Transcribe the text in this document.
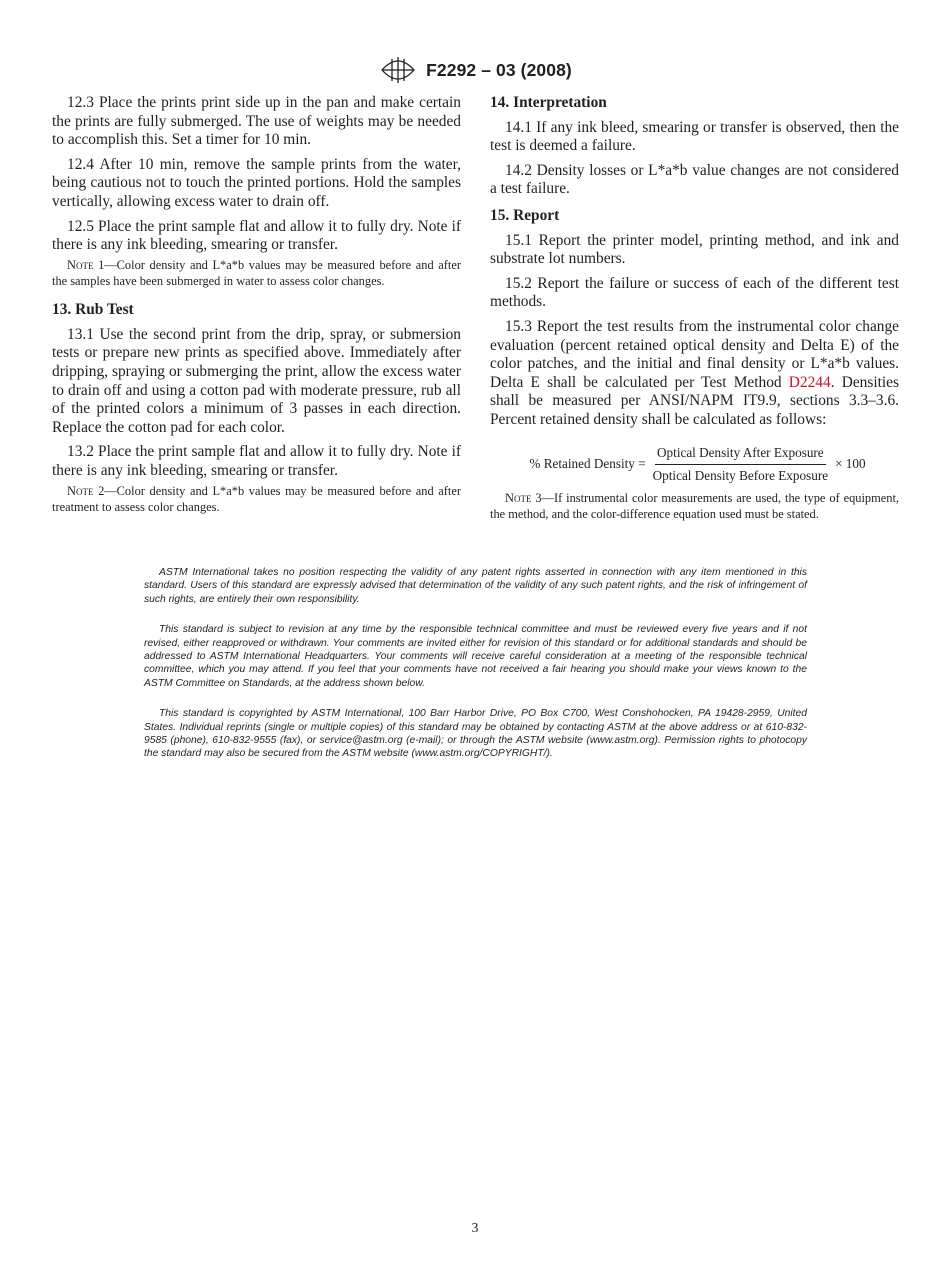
F2292 – 03 (2008)

12.3 Place the prints print side up in the pan and make certain the prints are fully submerged. The use of weights may be needed to accomplish this. Set a timer for 10 min.

12.4 After 10 min, remove the sample prints from the water, being cautious not to touch the printed portions. Hold the samples vertically, allowing excess water to drain off.

12.5 Place the print sample flat and allow it to fully dry. Note if there is any ink bleeding, smearing or transfer.

Note 1—Color density and L*a*b values may be measured before and after the samples have been submerged in water to assess color changes.
13. Rub Test

13.1 Use the second print from the drip, spray, or submersion tests or prepare new prints as specified above. Immediately after dripping, spraying or submerging the print, allow the excess water to drain off and using a cotton pad with moderate pressure, rub all of the printed colors a minimum of 3 passes in each direction. Replace the cotton pad for each color.

13.2 Place the print sample flat and allow it to fully dry. Note if there is any ink bleeding, smearing or transfer.

Note 2—Color density and L*a*b values may be measured before and after treatment to assess color changes.
14. Interpretation

14.1 If any ink bleed, smearing or transfer is observed, then the test is deemed a failure.

14.2 Density losses or L*a*b value changes are not considered a test failure.

15. Report

15.1 Report the printer model, printing method, and ink and substrate lot numbers.

15.2 Report the failure or success of each of the different test methods.

15.3 Report the test results from the instrumental color change evaluation (percent retained optical density and Delta E) of the color patches, and the initial and final density or L*a*b values. Delta E shall be calculated per Test Method D2244. Densities shall be measured per ANSI/NAPM IT9.9, sections 3.3–3.6. Percent retained density shall be calculated as follows:

% Retained Density = $\frac{\text{Optical Density After Exposure}}{\text{Optical Density Before Exposure}} \times 100$
Note 3—If instrumental color measurements are used, the type of equipment, the method, and the color-difference equation used must be stated.

ASTM International takes no position respecting the validity of any patent rights asserted in connection with any item mentioned in this standard. Users of this standard are expressly advised that determination of the validity of any such patent rights, and the risk of infringement of such rights, are entirely their own responsibility.

This standard is subject to revision at any time by the responsible technical committee and must be reviewed every five years and if not revised, either reapproved or withdrawn. Your comments are invited either for revision of this standard or for additional standards and should be addressed to ASTM International Headquarters. Your comments will receive careful consideration at a meeting of the responsible technical committee, which you may attend. If you feel that your comments have not received a fair hearing you should make your views known to the ASTM Committee on Standards, at the address shown below.

This standard is copyrighted by ASTM International, 100 Barr Harbor Drive, PO Box C700, West Conshohocken, PA 19428-2959, United States. Individual reprints (single or multiple copies) of this standard may be obtained by contacting ASTM at the above address or at 610-832-9585 (phone), 610-832-9555 (fax), or service@astm.org (e-mail); or through the ASTM website (www.astm.org). Permission rights to photocopy the standard may also be secured from the ASTM website (www.astm.org/COPYRIGHT/).

3
